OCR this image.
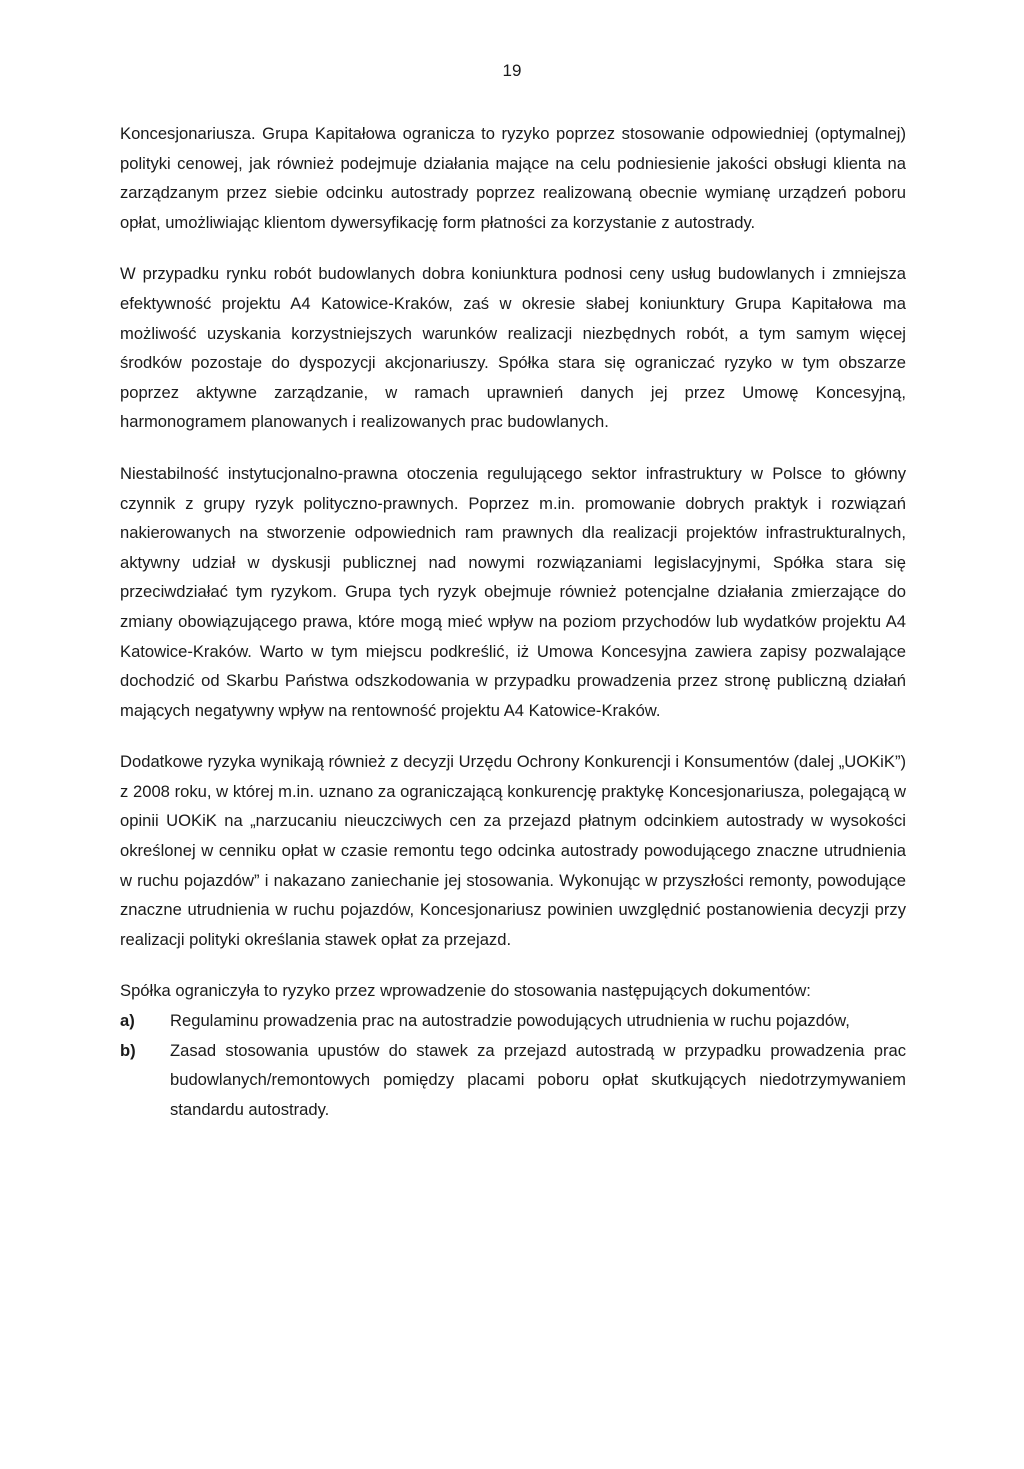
19

Koncesjonariusza. Grupa Kapitałowa ogranicza to ryzyko poprzez stosowanie odpowiedniej (optymalnej) polityki cenowej, jak również podejmuje działania mające na celu podniesienie jakości obsługi klienta na zarządzanym przez siebie odcinku autostrady poprzez realizowaną obecnie wymianę urządzeń poboru opłat, umożliwiając klientom dywersyfikację form płatności za korzystanie z autostrady.

W przypadku rynku robót budowlanych dobra koniunktura podnosi ceny usług budowlanych i zmniejsza efektywność projektu A4 Katowice-Kraków, zaś w okresie słabej koniunktury Grupa Kapitałowa ma możliwość uzyskania korzystniejszych warunków realizacji niezbędnych robót, a tym samym więcej środków pozostaje do dyspozycji akcjonariuszy. Spółka stara się ograniczać ryzyko w tym obszarze poprzez aktywne zarządzanie, w ramach uprawnień danych jej przez Umowę Koncesyjną, harmonogramem planowanych i realizowanych prac budowlanych.

Niestabilność instytucjonalno-prawna otoczenia regulującego sektor infrastruktury w Polsce to główny czynnik z grupy ryzyk polityczno-prawnych. Poprzez m.in. promowanie dobrych praktyk i rozwiązań nakierowanych na stworzenie odpowiednich ram prawnych dla realizacji projektów infrastrukturalnych, aktywny udział w dyskusji publicznej nad nowymi rozwiązaniami legislacyjnymi, Spółka stara się przeciwdziałać tym ryzykom. Grupa tych ryzyk obejmuje również potencjalne działania zmierzające do zmiany obowiązującego prawa, które mogą mieć wpływ na poziom przychodów lub wydatków projektu A4 Katowice-Kraków. Warto w tym miejscu podkreślić, iż Umowa Koncesyjna zawiera zapisy pozwalające dochodzić od Skarbu Państwa odszkodowania w przypadku prowadzenia przez stronę publiczną działań mających negatywny wpływ na rentowność projektu A4 Katowice-Kraków.

Dodatkowe ryzyka wynikają również z decyzji Urzędu Ochrony Konkurencji i Konsumentów (dalej „UOKiK”) z 2008 roku, w której m.in. uznano za ograniczającą konkurencję praktykę Koncesjonariusza, polegającą w opinii UOKiK na „narzucaniu nieuczciwych cen za przejazd płatnym odcinkiem autostrady w wysokości określonej w cenniku opłat w czasie remontu tego odcinka autostrady powodującego znaczne utrudnienia w ruchu pojazdów” i nakazano zaniechanie jej stosowania. Wykonując w przyszłości remonty, powodujące znaczne utrudnienia w ruchu pojazdów, Koncesjonariusz powinien uwzględnić postanowienia decyzji przy realizacji polityki określania stawek opłat za przejazd.

Spółka ograniczyła to ryzyko przez wprowadzenie do stosowania następujących dokumentów:

a)	Regulaminu prowadzenia prac na autostradzie powodujących utrudnienia w ruchu pojazdów,
b)	Zasad stosowania upustów do stawek za przejazd autostradą w przypadku prowadzenia prac budowlanych/remontowych pomiędzy placami poboru opłat skutkujących niedotrzymywaniem standardu autostrady.
